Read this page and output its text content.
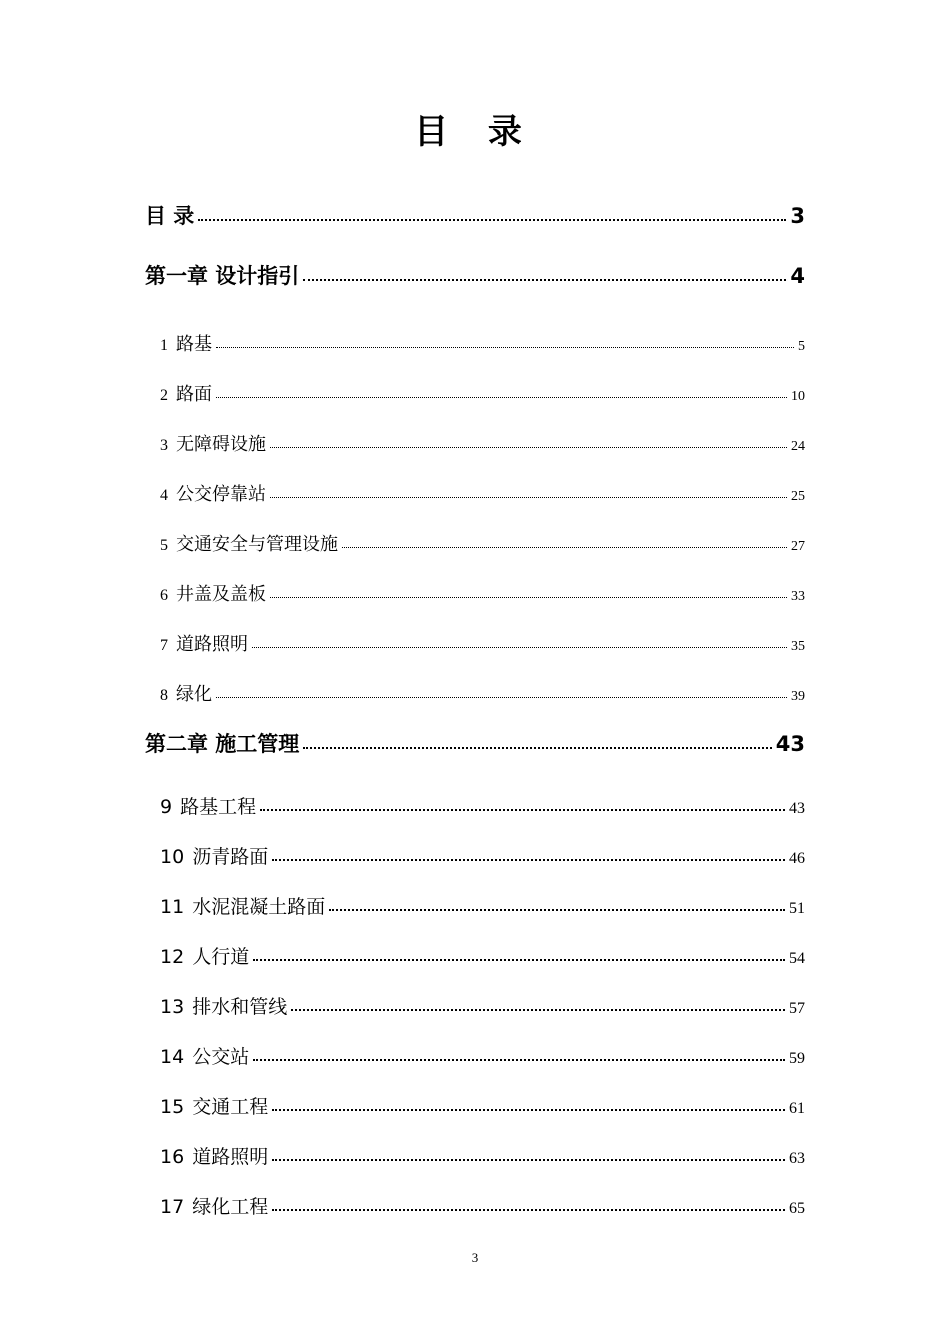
目 录
目 录	3
第一章 设计指引	4
1 路基	5
2 路面	10
3 无障碍设施	24
4 公交停靠站	25
5 交通安全与管理设施	27
6 井盖及盖板	33
7 道路照明	35
8 绿化	39
第二章 施工管理	43
9 路基工程	43
10 沥青路面	46
11 水泥混凝土路面	51
12 人行道	54
13 排水和管线	57
14 公交站	59
15 交通工程	61
16 道路照明	63
17 绿化工程	65
3
